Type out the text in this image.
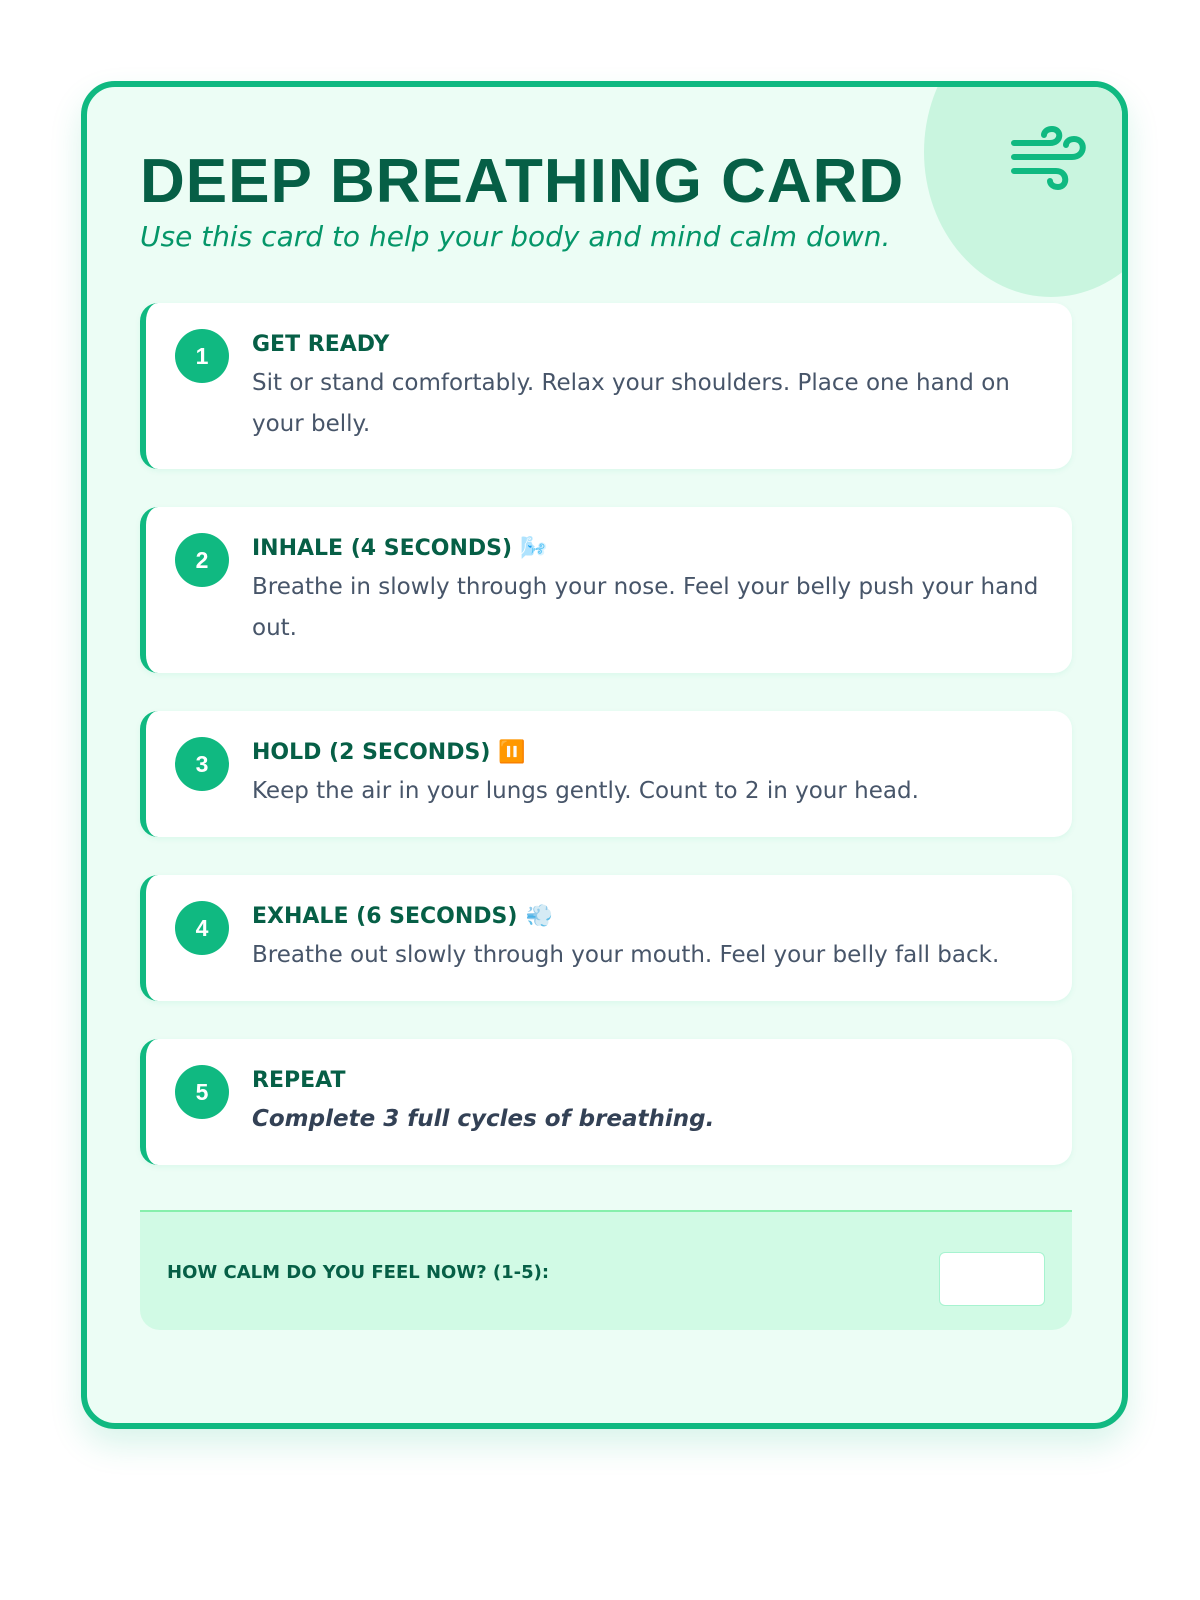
DEEP BREATHING CARD

Use this card to help your body and mind calm down.

1	GET READY
Sit or stand comfortably. Relax your shoulders. Place one hand on your belly.
2	INHALE (4 SECONDS) 🌬️
Breathe in slowly through your nose. Feel your belly push your hand out.
3	HOLD (2 SECONDS) ⏸️
Keep the air in your lungs gently. Count to 2 in your head.
4	EXHALE (6 SECONDS) 💨
Breathe out slowly through your mouth. Feel your belly fall back.
5	REPEAT
Complete 3 full cycles of breathing.
HOW CALM DO YOU FEEL NOW? (1-5):
